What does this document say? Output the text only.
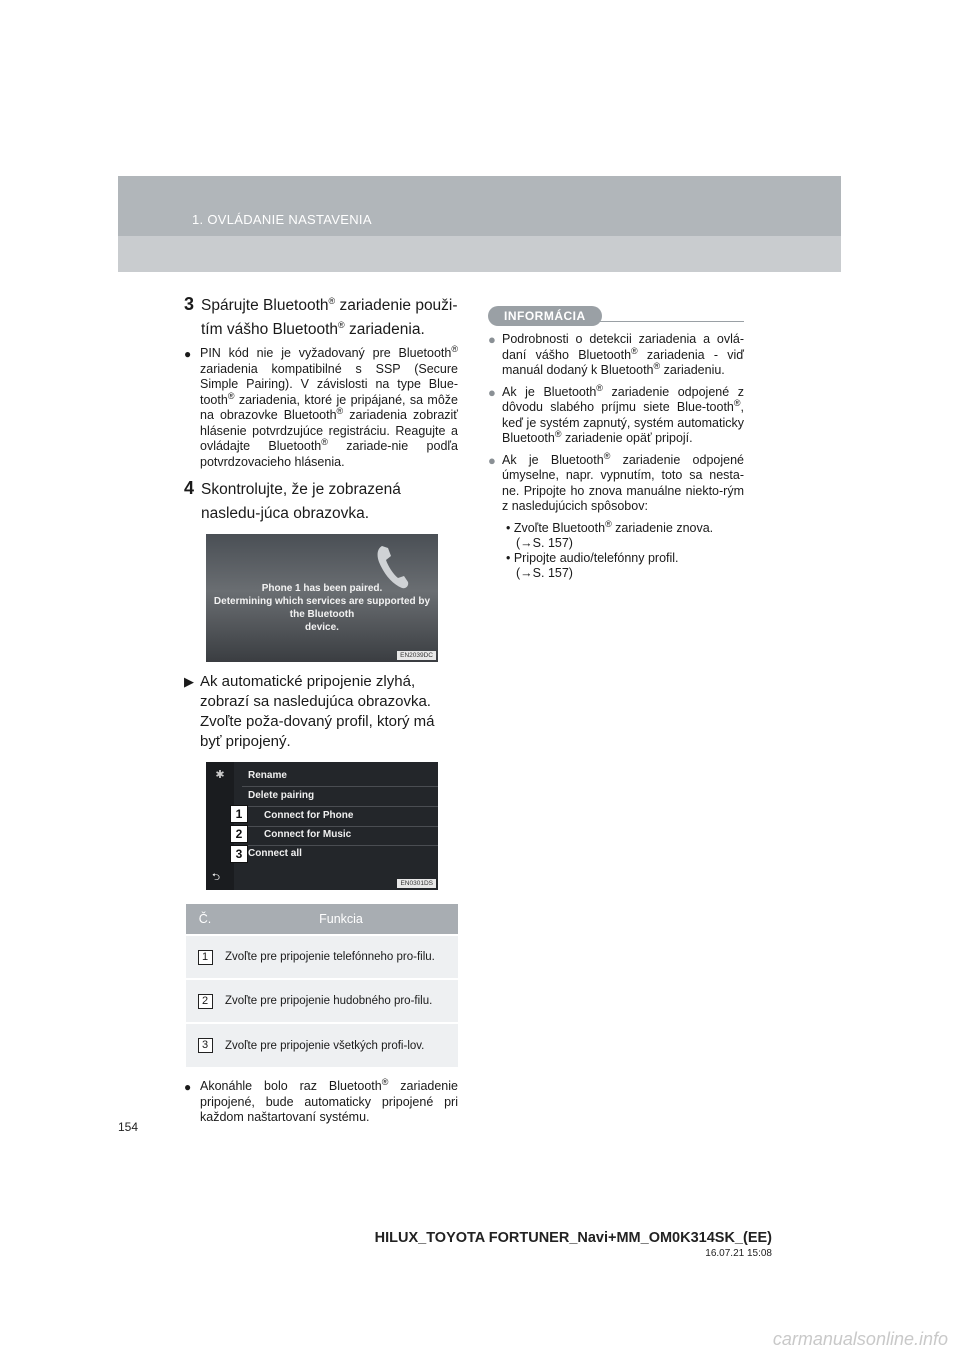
1. OVLÁDANIE NASTAVENIA

3 Spárujte Bluetooth® zariadenie použi-tím vášho Bluetooth® zariadenia.

● PIN kód nie je vyžadovaný pre Bluetooth® zariadenia kompatibilné s SSP (Secure Simple Pairing). V závislosti na type Blue-tooth® zariadenia, ktoré je pripájané, sa môže na obrazovke Bluetooth® zariadenia zobraziť hlásenie potvrdzujúce registráciu. Reagujte a ovládajte Bluetooth® zariade-nie podľa potvrdzovacieho hlásenia.

4 Skontrolujte, že je zobrazená nasledu-júca obrazovka.

Phone 1 has been paired.
Determining which services are supported by the Bluetooth
device.
EN2039DC

▶ Ak automatické pripojenie zlyhá, zobrazí sa nasledujúca obrazovka. Zvoľte poža-dovaný profil, ktorý má byť pripojený.

✱	Rename
Delete pairing
1	Connect for Phone
2	Connect for Music
3 Connect all
⮌
EN0301DS
Č.	Funkcia
1	Zvoľte pre pripojenie telefónneho pro-filu.
2	Zvoľte pre pripojenie hudobného pro-filu.
3	Zvoľte pre pripojenie všetkých profi-lov.

● Akonáhle bolo raz Bluetooth® zariadenie pripojené, bude automaticky pripojené pri každom naštartovaní systému.

INFORMÁCIA

● Podrobnosti o detekcii zariadenia a ovlá-daní vášho Bluetooth® zariadenia - viď manuál dodaný k Bluetooth® zariadeniu.

● Ak je Bluetooth® zariadenie odpojené z dôvodu slabého príjmu siete Blue-tooth®, keď je systém zapnutý, systém automaticky Bluetooth® zariadenie opäť pripojí.

● Ak je Bluetooth® zariadenie odpojené úmyselne, napr. vypnutím, toto sa nesta-ne. Pripojte ho znova manuálne niekto-rým z nasledujúcich spôsobov:

• Zvoľte Bluetooth® zariadenie znova.
(→S. 157)

• Pripojte audio/telefónny profil.
(→S. 157)

154
HILUX_TOYOTA FORTUNER_Navi+MM_OM0K314SK_(EE)
16.07.21 15:08
carmanualsonline.info
